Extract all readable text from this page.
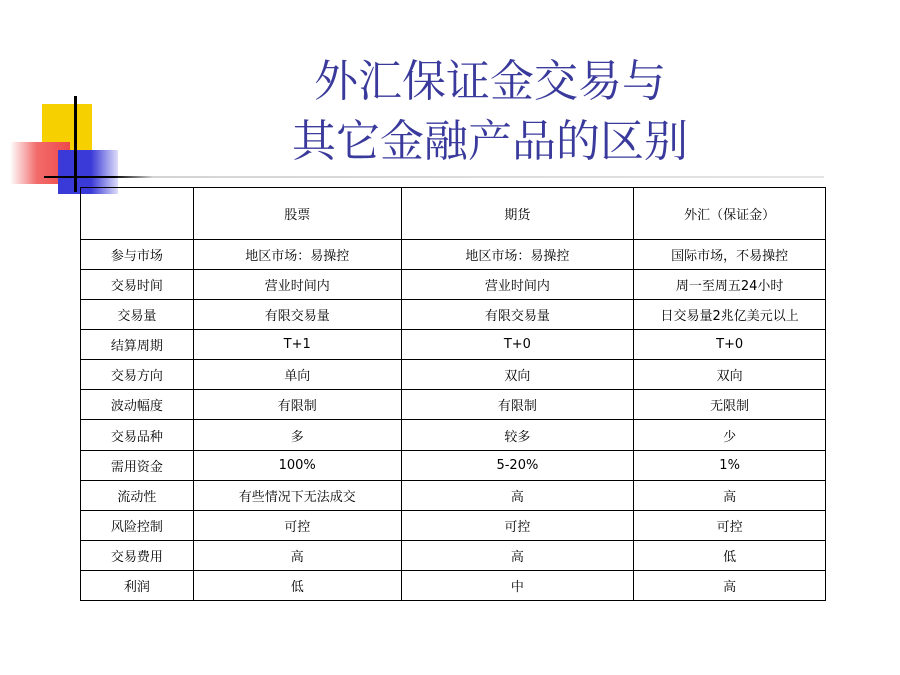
外汇保证金交易与
其它金融产品的区别
	股票	期货	外汇（保证金）
参与市场	地区市场：易操控	地区市场：易操控	国际市场，不易操控
交易时间	营业时间内	营业时间内	周一至周五24小时
交易量	有限交易量	有限交易量	日交易量2兆亿美元以上
结算周期	T+1	T+0	T+0
交易方向	单向	双向	双向
波动幅度	有限制	有限制	无限制
交易品种	多	较多	少
需用资金	100%	5-20%	1%
流动性	有些情况下无法成交	高	高
风险控制	可控	可控	可控
交易费用	高	高	低
利润	低	中	高
